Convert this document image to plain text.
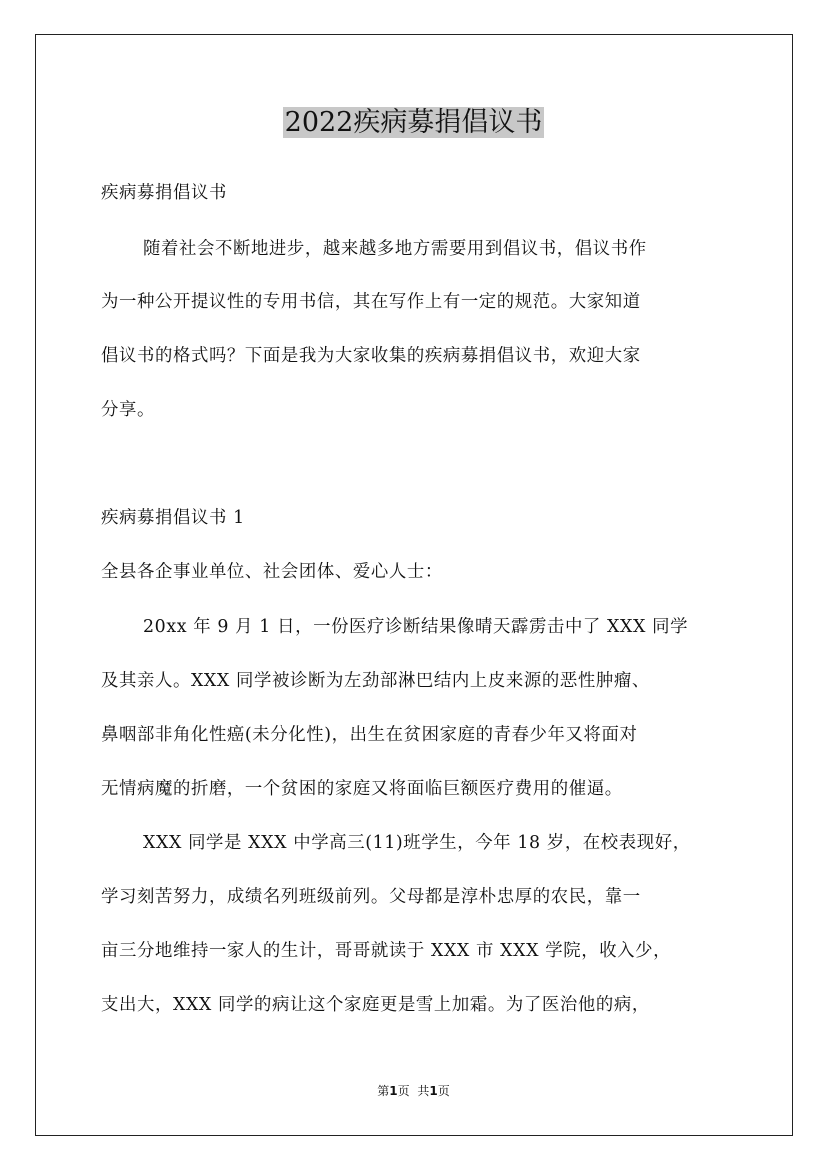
2022疾病募捐倡议书
疾病募捐倡议书
随着社会不断地进步，越来越多地方需要用到倡议书，倡议书作
为一种公开提议性的专用书信，其在写作上有一定的规范。大家知道
倡议书的格式吗？下面是我为大家收集的疾病募捐倡议书，欢迎大家
分享。
疾病募捐倡议书 1
全县各企事业单位、社会团体、爱心人士：
20xx 年 9 月 1 日，一份医疗诊断结果像晴天霹雳击中了 XXX 同学
及其亲人。XXX 同学被诊断为左劲部淋巴结内上皮来源的恶性肿瘤、
鼻咽部非角化性癌(未分化性)，出生在贫困家庭的青春少年又将面对
无情病魔的折磨，一个贫困的家庭又将面临巨额医疗费用的催逼。
XXX 同学是 XXX 中学高三(11)班学生，今年 18 岁，在校表现好，
学习刻苦努力，成绩名列班级前列。父母都是淳朴忠厚的农民，靠一
亩三分地维持一家人的生计，哥哥就读于 XXX 市 XXX 学院，收入少，
支出大，XXX 同学的病让这个家庭更是雪上加霜。为了医治他的病，
第1页 共1页
